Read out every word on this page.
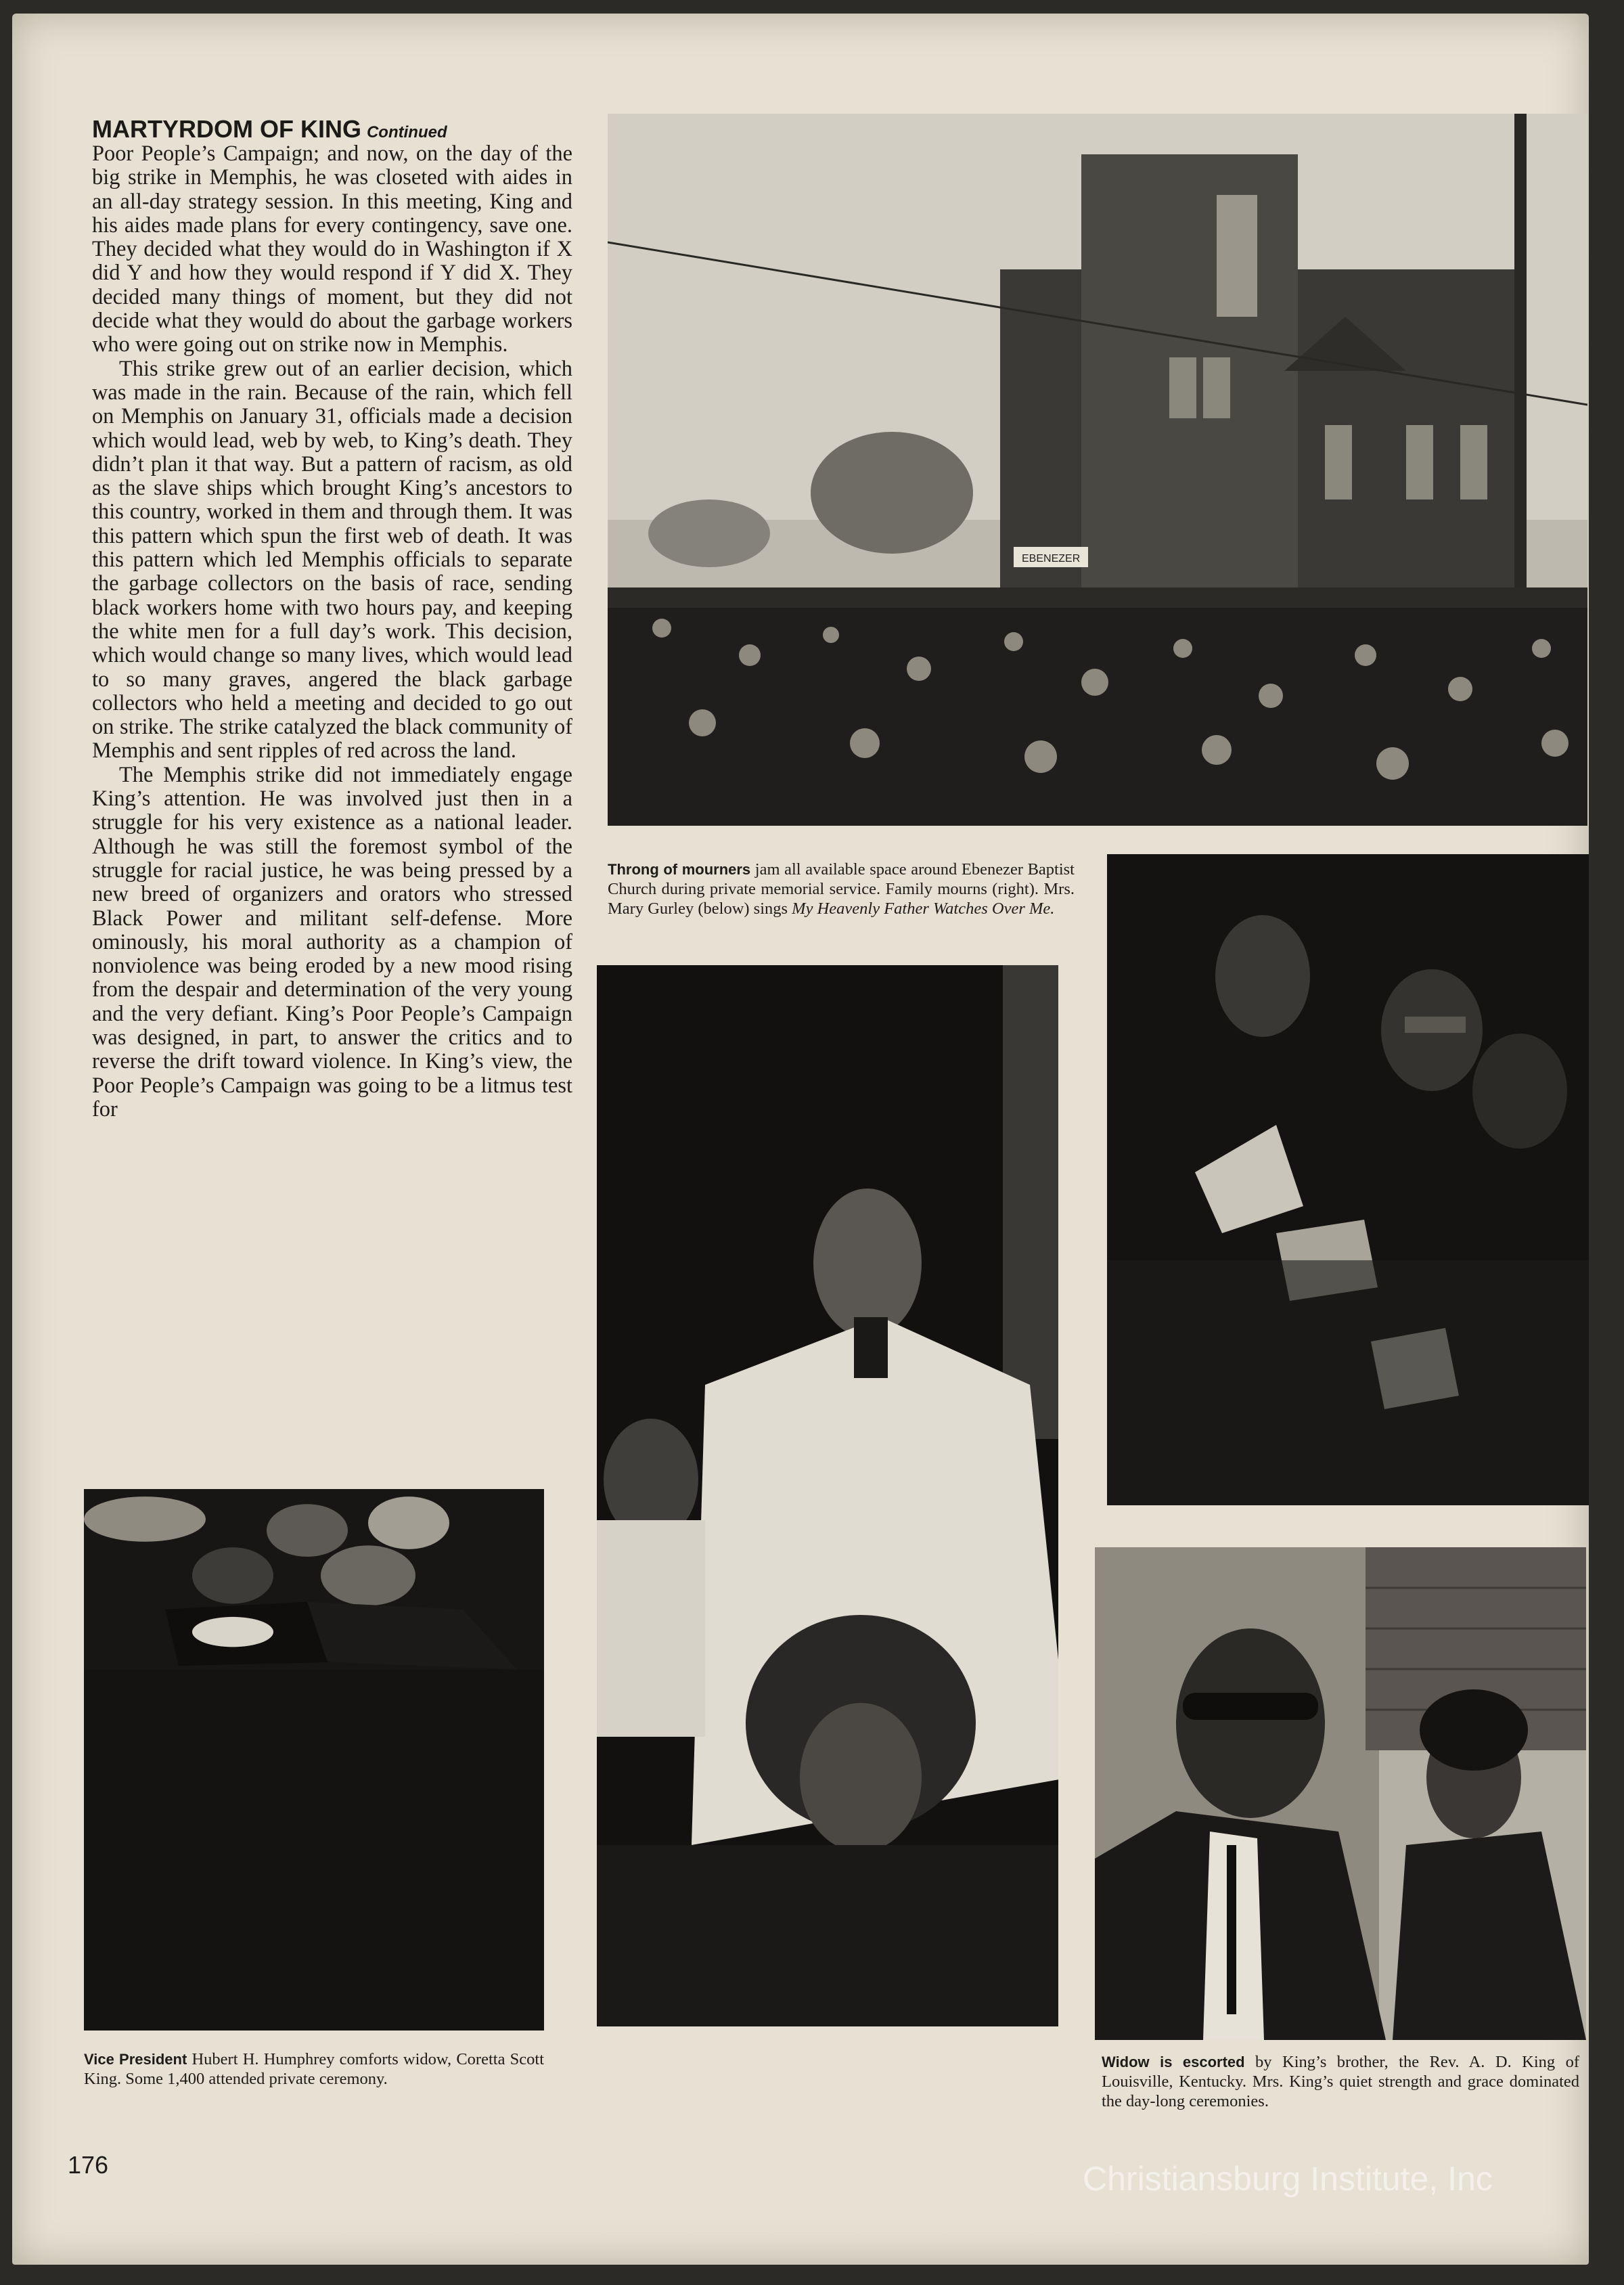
MARTYRDOM OF KING Continued

Poor People’s Campaign; and now, on the day of the big strike in Memphis, he was closeted with aides in an all-day strategy session. In this meeting, King and his aides made plans for every contingency, save one. They decided what they would do in Washington if X did Y and how they would respond if Y did X. They decided many things of moment, but they did not decide what they would do about the garbage workers who were going out on strike now in Memphis.

This strike grew out of an earlier decision, which was made in the rain. Because of the rain, which fell on Memphis on January 31, officials made a decision which would lead, web by web, to King’s death. They didn’t plan it that way. But a pattern of racism, as old as the slave ships which brought King’s ancestors to this country, worked in them and through them. It was this pattern which spun the first web of death. It was this pattern which led Memphis officials to separate the garbage collectors on the basis of race, sending black workers home with two hours pay, and keeping the white men for a full day’s work. This decision, which would change so many lives, which would lead to so many graves, angered the black garbage collectors who held a meeting and decided to go out on strike. The strike catalyzed the black community of Memphis and sent ripples of red across the land.

The Memphis strike did not immediately engage King’s attention. He was involved just then in a struggle for his very existence as a national leader. Although he was still the foremost symbol of the struggle for racial justice, he was being pressed by a new breed of organizers and orators who stressed Black Power and militant self-defense. More ominously, his moral authority as a champion of nonviolence was being eroded by a new mood rising from the despair and determination of the very young and the very defiant. King’s Poor People’s Campaign was designed, in part, to answer the critics and to reverse the drift toward violence. In King’s view, the Poor People’s Campaign was going to be a litmus test for

EBENEZER
Throng of mourners jam all available space around Ebenezer Baptist Church during private memorial service. Family mourns (right). Mrs. Mary Gurley (below) sings My Heavenly Father Watches Over Me.
Widow is escorted by King’s brother, the Rev. A. D. King of Louisville, Kentucky. Mrs. King’s quiet strength and grace dominated the day-long ceremonies.
176	Christiansburg Institute, Inc
Vice President Hubert H. Humphrey comforts widow, Coretta Scott King. Some 1,400 attended private ceremony.
